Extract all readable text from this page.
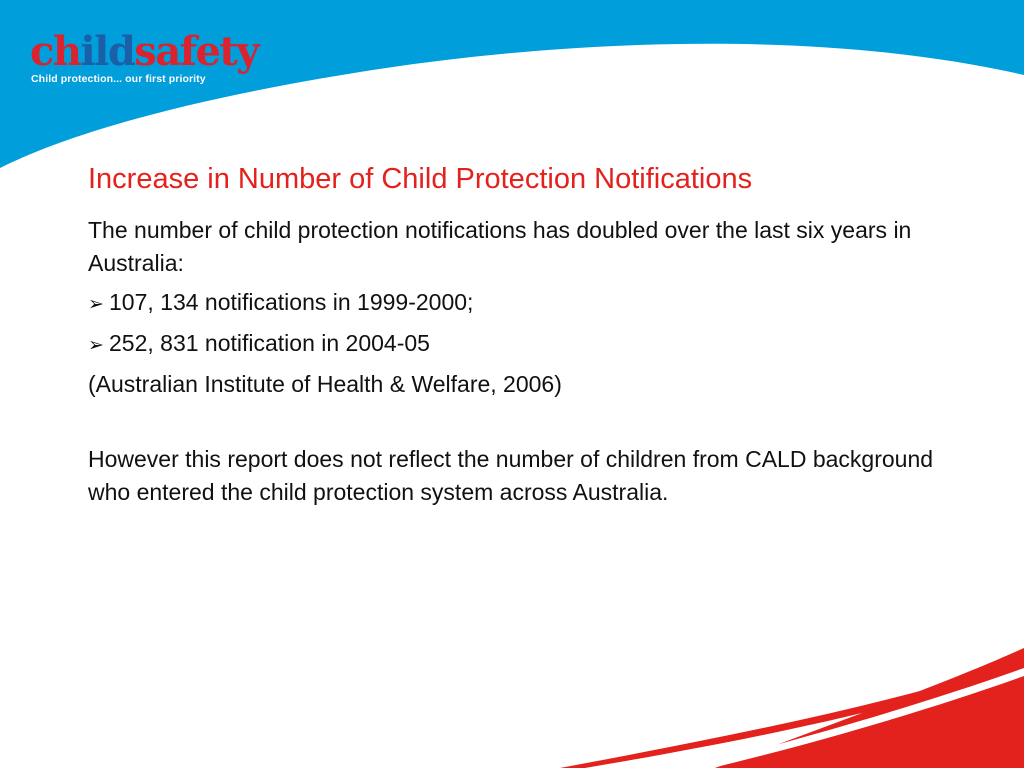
childsafety
Child protection... our first priority
Increase in Number of Child Protection Notifications

The number of child protection notifications has doubled over the last six years in Australia:

➢ 107, 134 notifications in 1999-2000;
➢ 252, 831 notification in 2004-05

(Australian Institute of Health & Welfare, 2006)

However this report does not reflect the number of children from CALD background who entered the child protection system across Australia.
